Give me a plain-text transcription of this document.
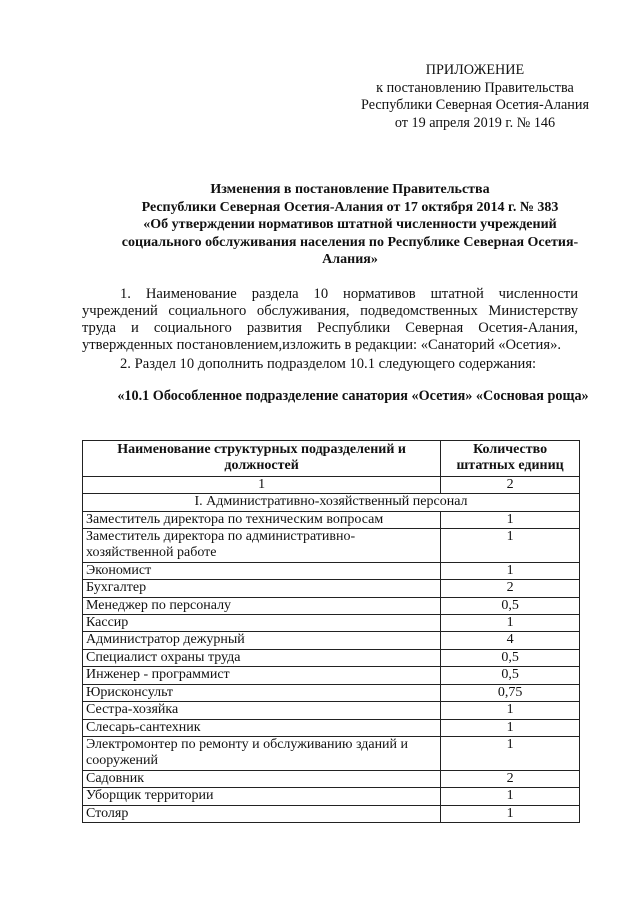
ПРИЛОЖЕНИЕ
к постановлению Правительства
Республики Северная Осетия-Алания
от 19 апреля 2019 г. № 146
Изменения в постановление Правительства
Республики Северная Осетия-Алания от 17 октября 2014 г. № 383
«Об утверждении нормативов штатной численности учреждений
социального обслуживания населения по Республике Северная Осетия-
Алания»
1. Наименование раздела 10 нормативов штатной численности учреждений социального обслуживания, подведомственных Министерству труда и социального развития Республики Северная Осетия-Алания, утвержденных постановлением,изложить в редакции: «Санаторий «Осетия».
2. Раздел 10 дополнить подразделом 10.1 следующего содержания:
«10.1 Обособленное подразделение санатория «Осетия» «Сосновая роща»
Наименование структурных подразделений и должностей	Количество штатных единиц
1	2
I. Административно-хозяйственный персонал	
Заместитель директора по техническим вопросам	1
Заместитель директора по административно-хозяйственной работе	1
Экономист	1
Бухгалтер	2
Менеджер по персоналу	0,5
Кассир	1
Администратор дежурный	4
Специалист охраны труда	0,5
Инженер - программист	0,5
Юрисконсульт	0,75
Сестра-хозяйка	1
Слесарь-сантехник	1
Электромонтер по ремонту и обслуживанию зданий и сооружений	1
Садовник	2
Уборщик территории	1
Столяр	1
